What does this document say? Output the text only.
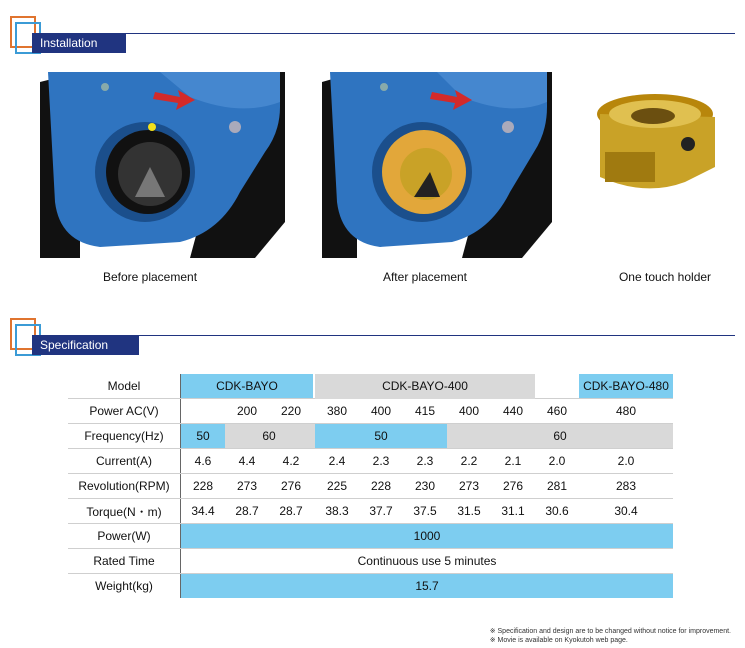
Installation
Before placement	After placement	One touch holder
Specification
Model	CDK-BAYO				CDK-BAYO-400						CDK-BAYO-480
Power AC(V)		200	220		380	400	415	400	440	460	480
Frequency(Hz)	50	60			50			60			
Current(A)	4.6	4.4	4.2		2.4	2.3	2.3	2.2	2.1	2.0	2.0
Revolution(RPM)	228	273	276		225	228	230	273	276	281	283
Torque(N・m)	34.4	28.7	28.7		38.3	37.7	37.5	31.5	31.1	30.6	30.4
Power(W)	1000										
Rated Time	Continuous use 5 minutes										
Weight(kg)	15.7										
※ Specification and design are to be changed without notice for improvement.
※ Movie is available on Kyokutoh web page.
